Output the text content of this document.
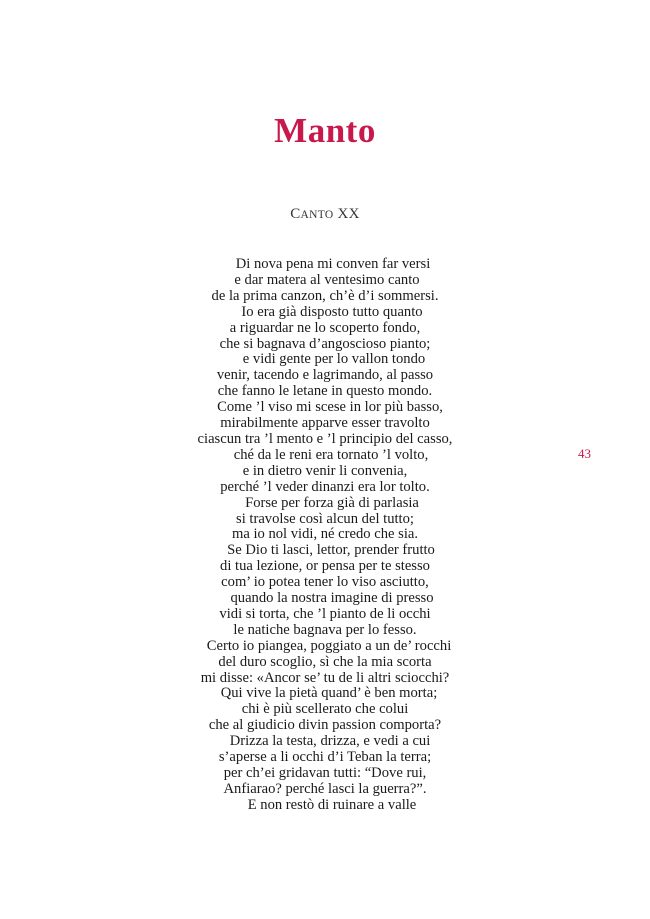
Manto
CANTO XX
Di nova pena mi conven far versi
e dar matera al ventesimo canto
de la prima canzon, ch’è d’i sommersi.
Io era già disposto tutto quanto
a riguardar ne lo scoperto fondo,
che si bagnava d’angoscioso pianto;
e vidi gente per lo vallon tondo
venir, tacendo e lagrimando, al passo
che fanno le letane in questo mondo.
Come ’l viso mi scese in lor più basso,
mirabilmente apparve esser travolto
ciascun tra ’l mento e ’l principio del casso,
ché da le reni era tornato ’l volto,
e in dietro venir li convenia,
perché ’l veder dinanzi era lor tolto.
Forse per forza già di parlasia
si travolse così alcun del tutto;
ma io nol vidi, né credo che sia.
Se Dio ti lasci, lettor, prender frutto
di tua lezione, or pensa per te stesso
com’ io potea tener lo viso asciutto,
quando la nostra imagine di presso
vidi si torta, che ’l pianto de li occhi
le natiche bagnava per lo fesso.
Certo io piangea, poggiato a un de’ rocchi
del duro scoglio, sì che la mia scorta
mi disse: «Ancor se’ tu de li altri sciocchi?
Qui vive la pietà quand’ è ben morta;
chi è più scellerato che colui
che al giudicio divin passion comporta?
Drizza la testa, drizza, e vedi a cui
s’aperse a li occhi d’i Teban la terra;
per ch’ei gridavan tutti: “Dove rui,
Anfiarao? perché lasci la guerra?”.
E non restò di ruinare a valle
43
